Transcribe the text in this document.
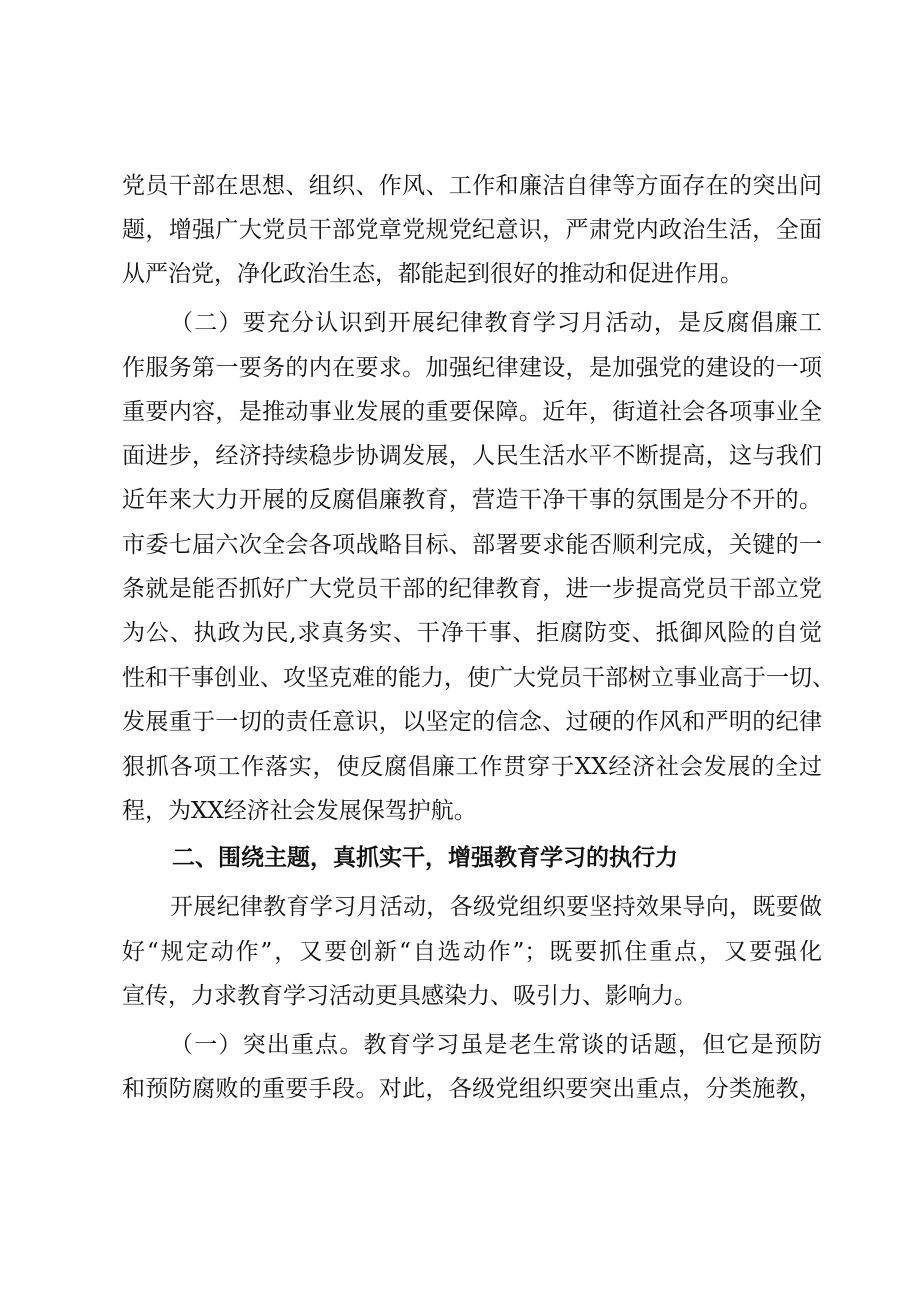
党员干部在思想、组织、作风、工作和廉洁自律等方面存在的突出问
题，增强广大党员干部党章党规党纪意识，严肃党内政治生活，全面
从严治党，净化政治生态，都能起到很好的推动和促进作用。
（二）要充分认识到开展纪律教育学习月活动，是反腐倡廉工
作服务第一要务的内在要求。加强纪律建设，是加强党的建设的一项
重要内容，是推动事业发展的重要保障。近年，街道社会各项事业全
面进步，经济持续稳步协调发展，人民生活水平不断提高，这与我们
近年来大力开展的反腐倡廉教育，营造干净干事的氛围是分不开的。
市委七届六次全会各项战略目标、部署要求能否顺利完成，关键的一
条就是能否抓好广大党员干部的纪律教育，进一步提高党员干部立党
为公、执政为民,求真务实、干净干事、拒腐防变、抵御风险的自觉
性和干事创业、攻坚克难的能力，使广大党员干部树立事业高于一切、
发展重于一切的责任意识，以坚定的信念、过硬的作风和严明的纪律
狠抓各项工作落实，使反腐倡廉工作贯穿于XX经济社会发展的全过
程，为XX经济社会发展保驾护航。
二、围绕主题，真抓实干，增强教育学习的执行力
开展纪律教育学习月活动，各级党组织要坚持效果导向，既要做
好“规定动作”，又要创新“自选动作”；既要抓住重点，又要强化
宣传，力求教育学习活动更具感染力、吸引力、影响力。
（一）突出重点。教育学习虽是老生常谈的话题，但它是预防
和预防腐败的重要手段。对此，各级党组织要突出重点，分类施教，
